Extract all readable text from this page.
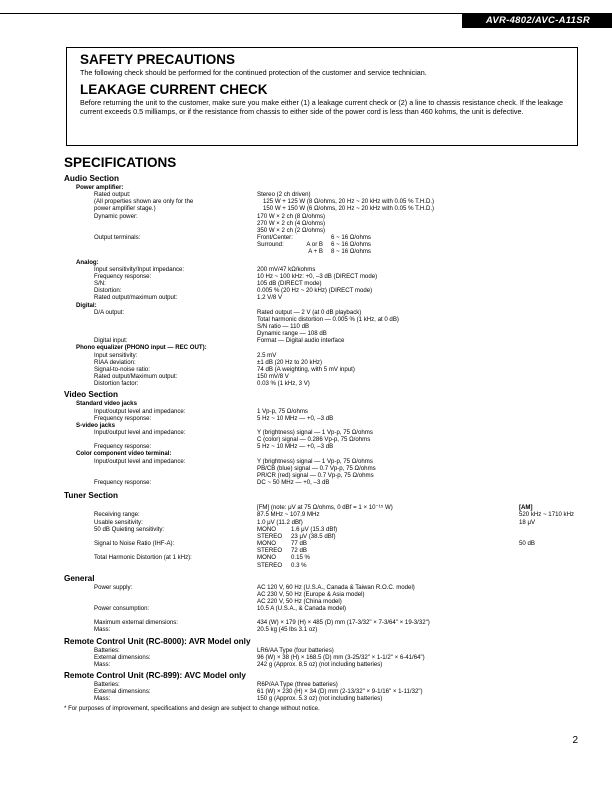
AVR-4802/AVC-A11SR
SAFETY PRECAUTIONS

The following check should be performed for the continued protection of the customer and service technician.

LEAKAGE CURRENT CHECK

Before returning the unit to the customer, make sure you make either (1) a leakage current check or (2) a line to chassis resistance check. If the leakage current exceeds 0.5 milliamps, or if the resistance from chassis to either side of the power cord is less than 460 kohms, the unit is defective.

SPECIFICATIONS
Audio Section
Power amplifier:
Rated output:	Stereo (2 ch driven)
(All properties shown are only for the	125 W + 125 W (8 Ω/ohms, 20 Hz ~ 20 kHz with 0.05 % T.H.D.)
power amplifier stage.)	150 W + 150 W (6 Ω/ohms, 20 Hz ~ 20 kHz with 0.05 % T.H.D.)
Dynamic power:	170 W × 2 ch (8 Ω/ohms)
270 W × 2 ch (4 Ω/ohms)
350 W × 2 ch (2 Ω/ohms)
Output terminals:	Front/Center:	6 ~ 16 Ω/ohms
Surround:	A or B	6 ~ 16 Ω/ohms
A + B	8 ~ 16 Ω/ohms
Analog:
Input sensitivity/Input impedance:	200 mV/47 kΩ/kohms
Frequency response:	10 Hz ~ 100 kHz: +0, –3 dB (DIRECT mode)
S/N:	105 dB (DIRECT mode)
Distortion:	0.005 % (20 Hz ~ 20 kHz) (DIRECT mode)
Rated output/maximum output:	1.2 V/8 V
Digital:
D/A output:	Rated output — 2 V (at 0 dB playback)
Total harmonic distortion — 0.005 % (1 kHz, at 0 dB)
S/N ratio — 110 dB
Dynamic range — 108 dB
Digital input:	Format — Digital audio interface
Phono equalizer (PHONO input — REC OUT):
Input sensitivity:	2.5 mV
RIAA deviation:	±1 dB (20 Hz to 20 kHz)
Signal-to-noise ratio:	74 dB (A weighting, with 5 mV input)
Rated output/Maximum output:	150 mV/8 V
Distortion factor:	0.03 % (1 kHz, 3 V)
Video Section
Standard video jacks
Input/output level and impedance:	1 Vp-p, 75 Ω/ohms
Frequency response:	5 Hz ~ 10 MHz — +0, –3 dB
S-video jacks
Input/output level and impedance:	Y (brightness) signal — 1 Vp-p, 75 Ω/ohms
C (color) signal — 0.286 Vp-p, 75 Ω/ohms
Frequency response:	5 Hz ~ 10 MHz — +0, –3 dB
Color component video terminal:
Input/output level and impedance:	Y (brightness) signal — 1 Vp-p, 75 Ω/ohms
PB/CB (blue) signal — 0.7 Vp-p, 75 Ω/ohms
PR/CR (red) signal — 0.7 Vp-p, 75 Ω/ohms
Frequency response:	DC ~ 50 MHz — +0, –3 dB
Tuner Section
[FM] (note: μV at 75 Ω/ohms, 0 dBf = 1 × 10⁻¹⁵ W)	[AM]
Receiving range:	87.5 MHz ~ 107.9 MHz	520 kHz ~ 1710 kHz
Usable sensitivity:	1.0 μV (11.2 dBf)	18 μV
50 dB Quieting sensitivity:	MONO	1.6 μV (15.3 dBf)
STEREO	23 μV (38.5 dBf)
Signal to Noise Ratio (IHF-A):	MONO	77 dB	50 dB
STEREO	72 dB
Total Harmonic Distortion (at 1 kHz):	MONO	0.15 %
STEREO	0.3 %
General
Power supply:	AC 120 V, 60 Hz (U.S.A., Canada & Taiwan R.O.C. model)
AC 230 V, 50 Hz (Europe & Asia model)
AC 220 V, 50 Hz (China model)
Power consumption:	10.5 A (U.S.A., & Canada model)
Maximum external dimensions:	434 (W) × 179 (H) × 485 (D) mm (17-3/32" × 7-3/64" × 19-3/32")
Mass:	20.5 kg (45 lbs 3.1 oz)
Remote Control Unit (RC-8000): AVR Model only
Batteries:	LR6/AA Type (four batteries)
External dimensions:	96 (W) × 38 (H) × 168.5 (D) mm (3-25/32" × 1-1/2" × 6-41/64")
Mass:	242 g (Approx. 8.5 oz) (not including batteries)
Remote Control Unit (RC-899): AVC Model only
Batteries:	R6P/AA Type (three batteries)
External dimensions:	61 (W) × 230 (H) × 34 (D) mm (2-13/32" × 9-1/16" × 1-11/32")
Mass:	150 g (Approx. 5.3 oz) (not including batteries)
* For purposes of improvement, specifications and design are subject to change without notice.
2
